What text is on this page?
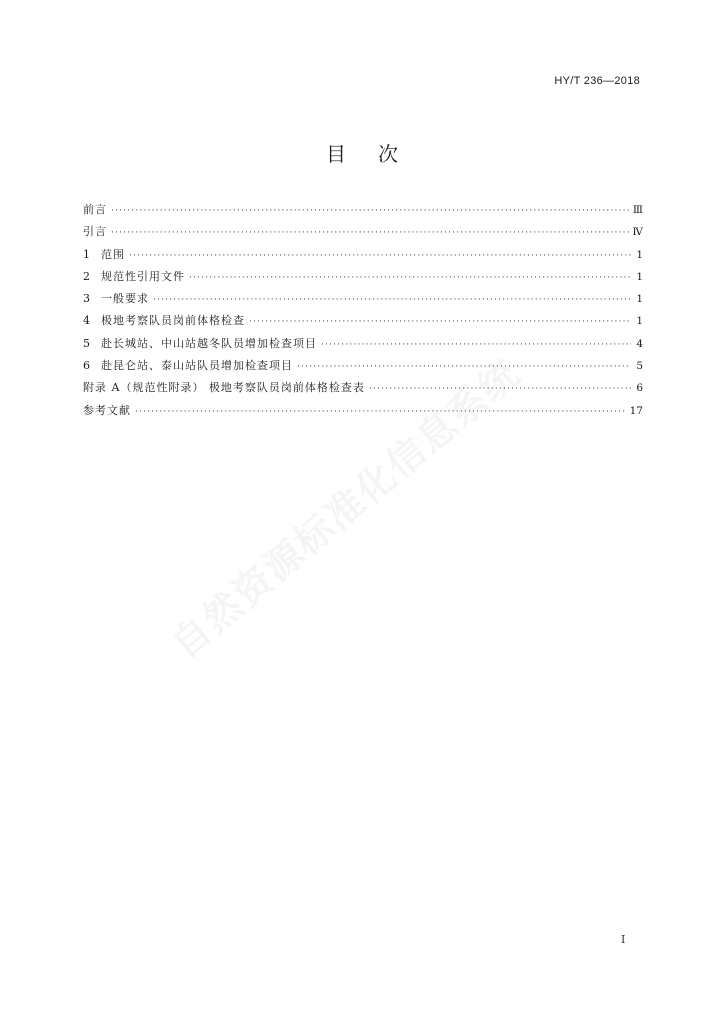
HY/T 236—2018
目 次
前言 ·····	Ⅲ
引言 ·····	Ⅳ
1	范围 ·····	1
2	规范性引用文件 ·····	1
3	一般要求 ·····	1
4	极地考察队员岗前体格检查 ·····	1
5	赴长城站、中山站越冬队员增加检查项目 ·····	4
6	赴昆仑站、泰山站队员增加检查项目 ·····	5
附录 A（规范性附录） 极地考察队员岗前体格检查表 ·····	6
参考文献 ·····	17
I
